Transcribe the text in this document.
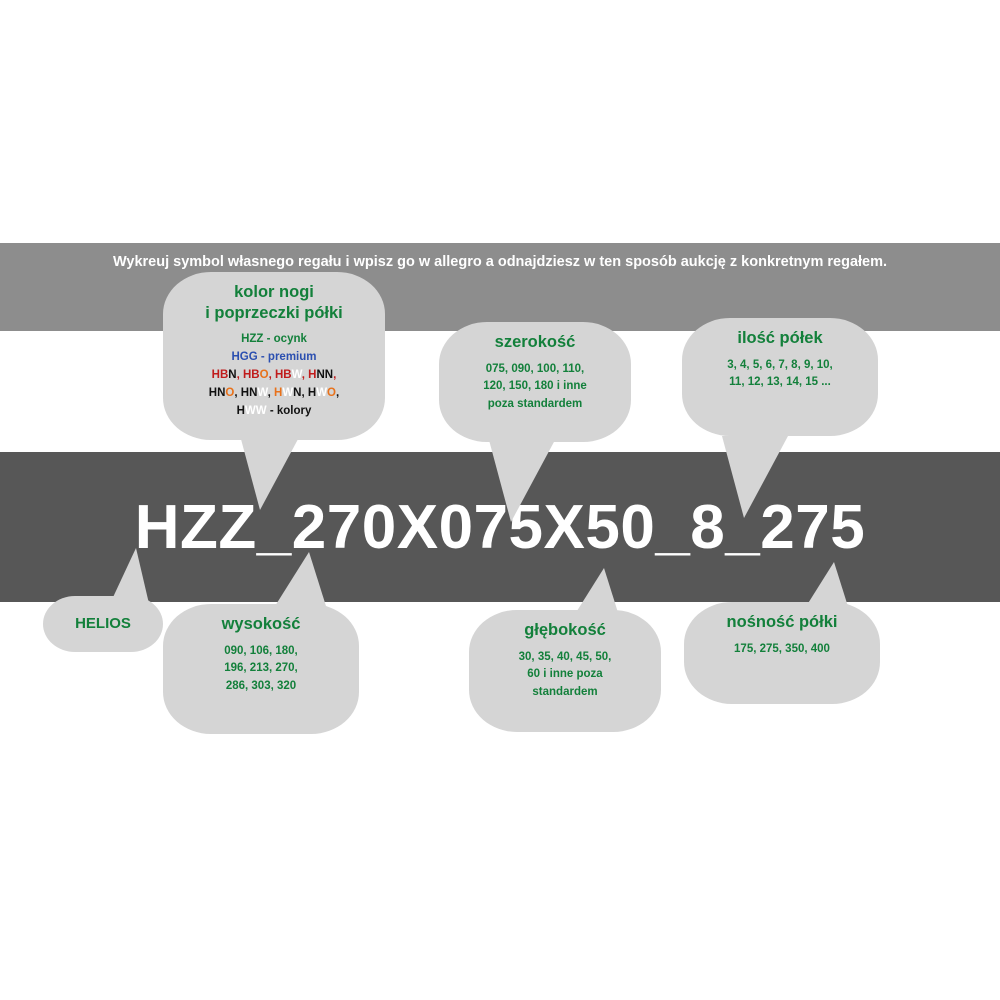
Wykreuj symbol własnego regału i wpisz go w allegro a odnajdziesz w ten sposób aukcję z konkretnym regałem.
HZZ_270X075X50_8_275
kolor nogi
i poprzeczki półki
HZZ - ocynk
HGG - premium
HBN, HBO, HBW, HNN,
HNO, HNW, HWN, HWO,
HWW - kolory
szerokość
075, 090, 100, 110,
120, 150, 180 i inne
poza standardem
ilość półek
3, 4, 5, 6, 7, 8, 9, 10,
11, 12, 13, 14, 15 ...
HELIOS	wysokość
090, 106, 180,
196, 213, 270,
286, 303, 320
głębokość
30, 35, 40, 45, 50,
60 i inne poza
standardem
nośność półki
175, 275, 350, 400
